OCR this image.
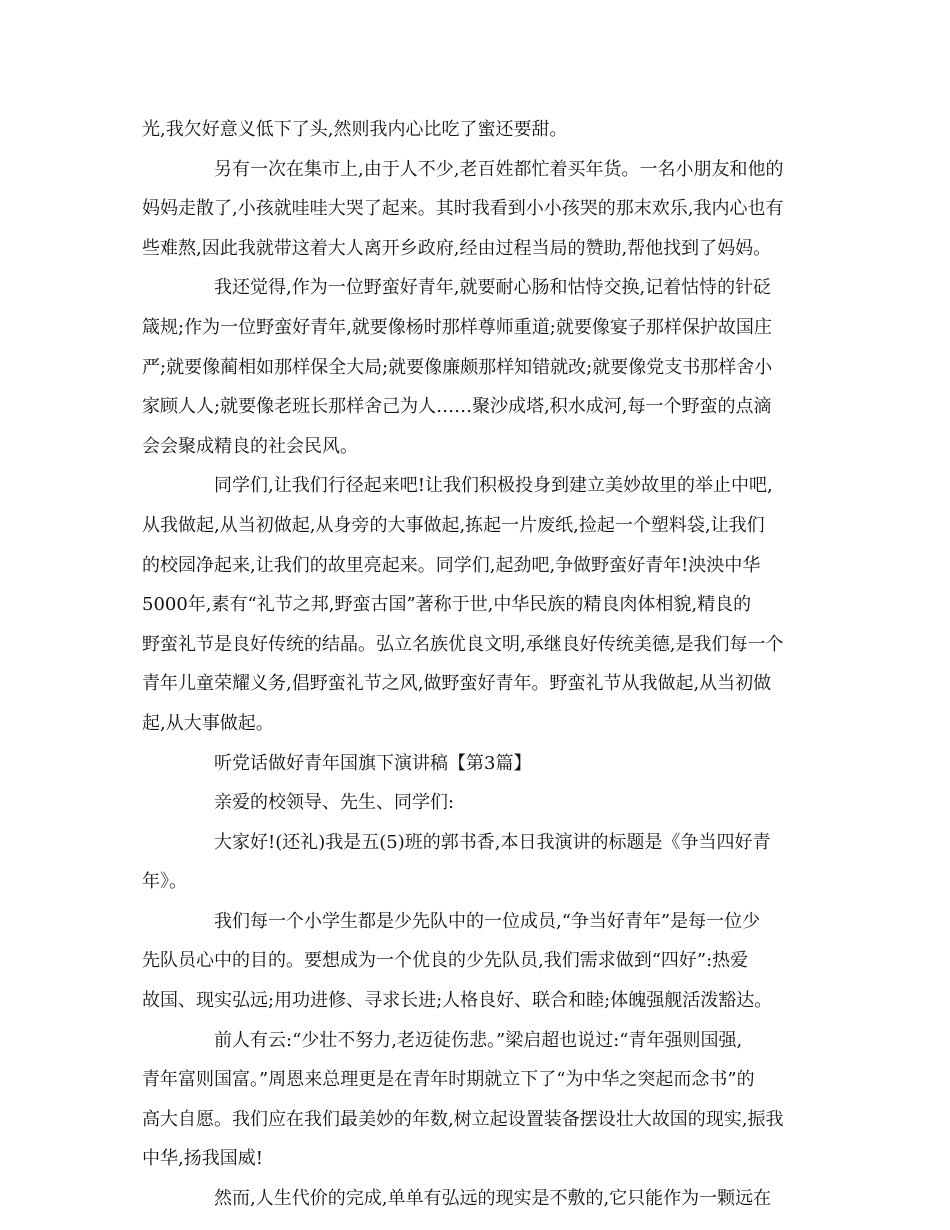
光,我欠好意义低下了头,然则我内心比吃了蜜还要甜。
另有一次在集市上,由于人不少,老百姓都忙着买年货。一名小朋友和他的
妈妈走散了,小孩就哇哇大哭了起来。其时我看到小小孩哭的那末欢乐,我内心也有
些难熬,因此我就带这着大人离开乡政府,经由过程当局的赞助,帮他找到了妈妈。
我还觉得,作为一位野蛮好青年,就要耐心肠和怙恃交换,记着怙恃的针砭
箴规;作为一位野蛮好青年,就要像杨时那样尊师重道;就要像宴子那样保护故国庄
严;就要像蔺相如那样保全大局;就要像廉颇那样知错就改;就要像党支书那样舍小
家顾人人;就要像老班长那样舍己为人……聚沙成塔,积水成河,每一个野蛮的点滴
会会聚成精良的社会民风。
同学们,让我们行径起来吧!让我们积极投身到建立美妙故里的举止中吧,
从我做起,从当初做起,从身旁的大事做起,拣起一片废纸,捡起一个塑料袋,让我们
的校园净起来,让我们的故里亮起来。同学们,起劲吧,争做野蛮好青年!泱泱中华
5000年,素有“礼节之邦,野蛮古国”著称于世,中华民族的精良肉体相貌,精良的
野蛮礼节是良好传统的结晶。弘立名族优良文明,承继良好传统美德,是我们每一个
青年儿童荣耀义务,倡野蛮礼节之风,做野蛮好青年。野蛮礼节从我做起,从当初做
起,从大事做起。
听党话做好青年国旗下演讲稿【第3篇】
亲爱的校领导、先生、同学们:
大家好!(还礼)我是五(5)班的郭书香,本日我演讲的标题是《争当四好青
年》。
我们每一个小学生都是少先队中的一位成员,“争当好青年”是每一位少
先队员心中的目的。要想成为一个优良的少先队员,我们需求做到“四好”:热爱
故国、现实弘远;用功进修、寻求长进;人格良好、联合和睦;体魄强舰活泼豁达。
前人有云:“少壮不努力,老迈徒伤悲。”梁启超也说过:“青年强则国强,
青年富则国富。”周恩来总理更是在青年时期就立下了“为中华之突起而念书”的
高大自愿。我们应在我们最美妙的年数,树立起设置装备摆设壮大故国的现实,振我
中华,扬我国威!
然而,人生代价的完成,单单有弘远的现实是不敷的,它只能作为一颗远在
